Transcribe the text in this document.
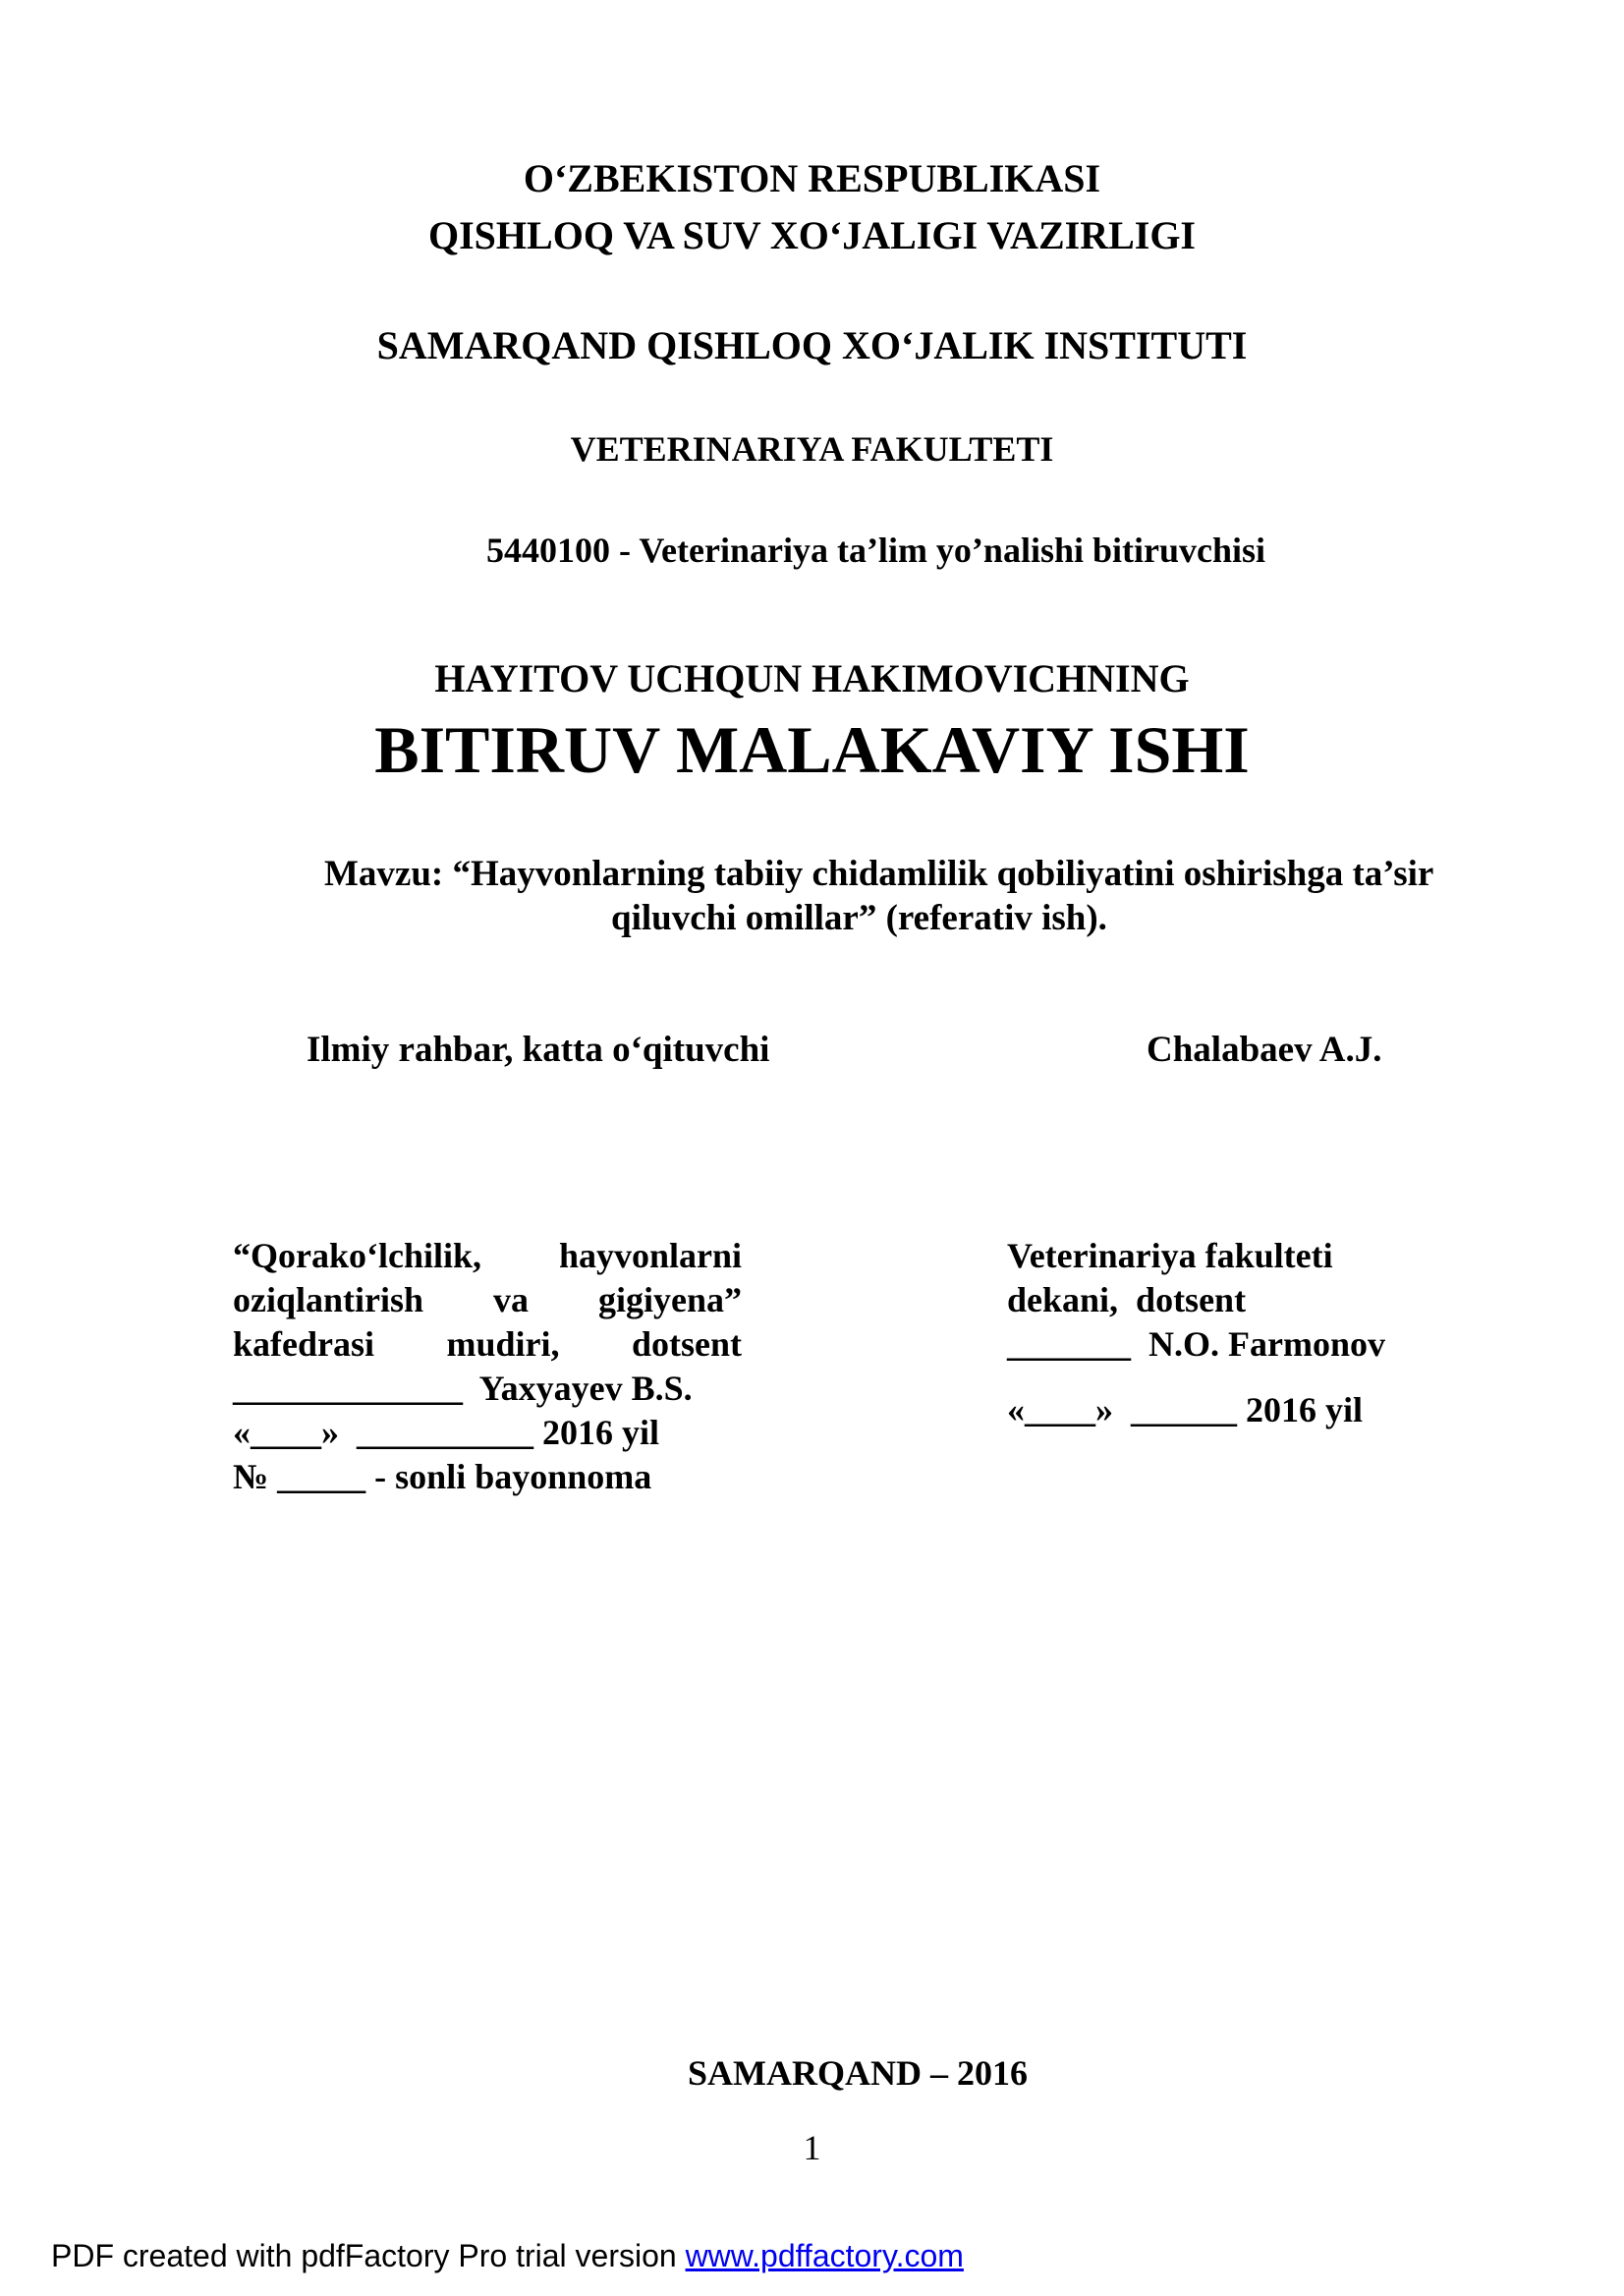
O‘ZBEKISTON RESPUBLIKASI
QISHLOQ VA SUV XO‘JALIGI VAZIRLIGI
SAMARQAND QISHLOQ XO‘JALIK INSTITUTI
VETERINARIYA FAKULTETI
5440100 - Veterinariya ta’lim yo’nalishi bitiruvchisi
HAYITOV UCHQUN HAKIMOVICHNING
BITIRUV MALAKAVIY ISHI
Mavzu: “Hayvonlarning tabiiy chidamlilik qobiliyatini oshirishga ta’sir
qiluvchi omillar” (referativ ish).
Ilmiy rahbar, katta o‘qituvchi	Chalabaev A.J.
“Qorako‘lchilik, hayvonlarni
oziqlantirish va gigiyena”
kafedrasi mudiri, dotsent
_____________  Yaxyayev B.S.
«____»  __________ 2016 yil
№ _____ - sonli bayonnoma
Veterinariya fakulteti
dekani,  dotsent
_______  N.O. Farmonov
«____»  ______ 2016 yil
SAMARQAND – 2016
1
PDF created with pdfFactory Pro trial version www.pdffactory.com
